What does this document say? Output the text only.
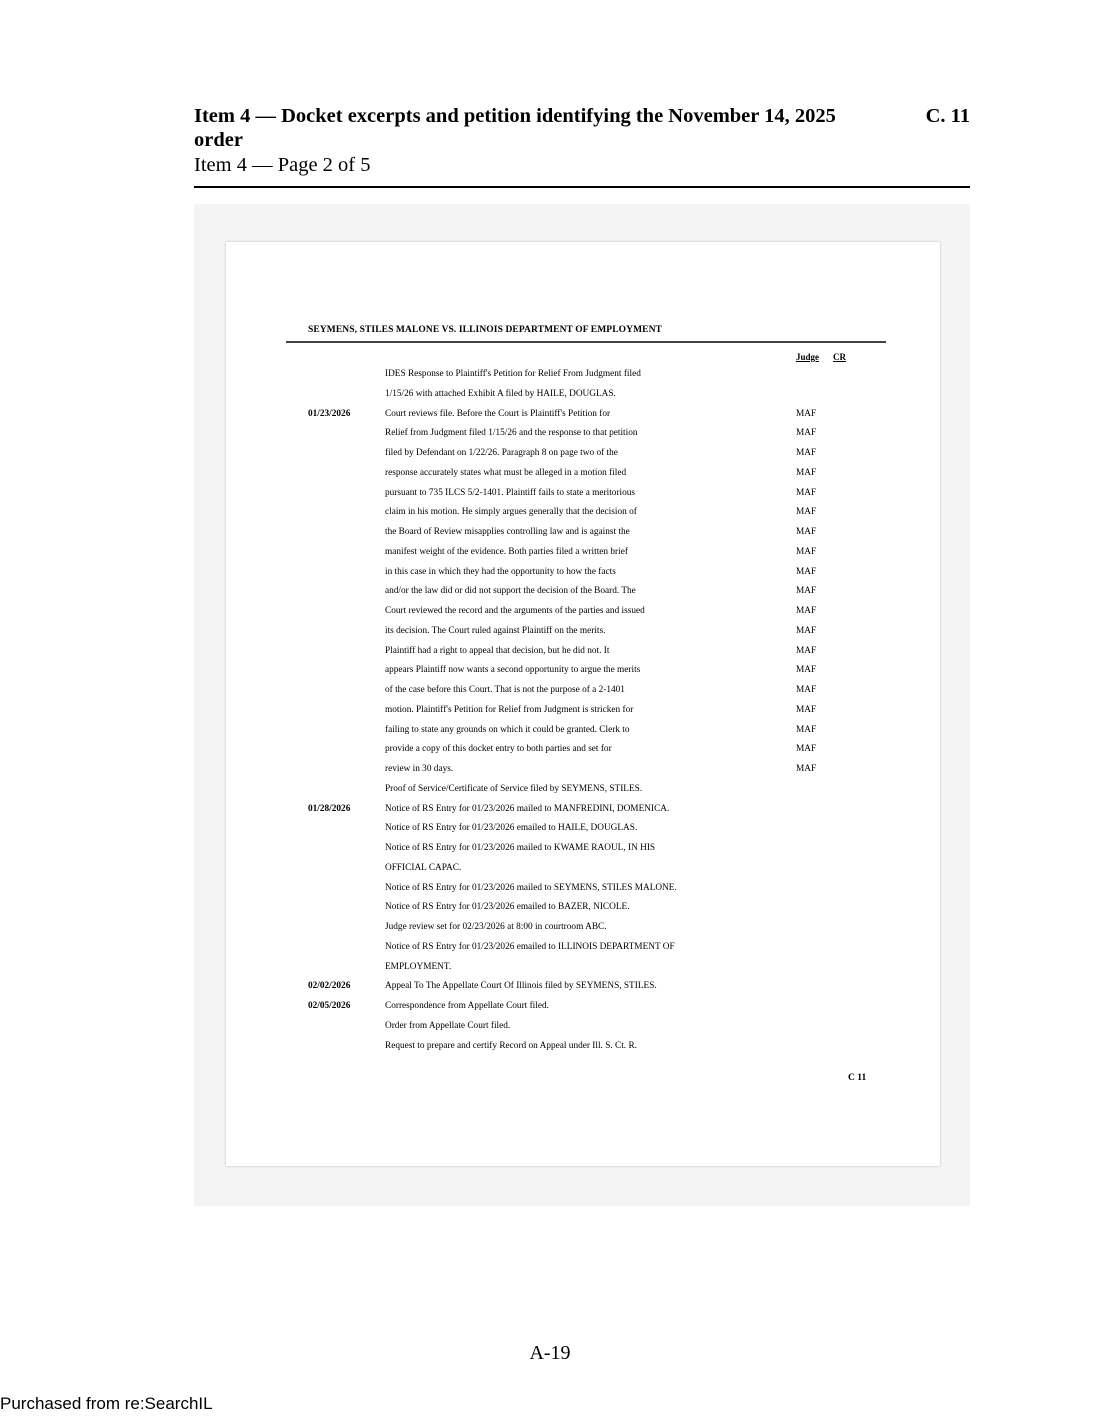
Item 4 — Docket excerpts and petition identifying the November 14, 2025 order
C. 11
Item 4 — Page 2 of 5
SEYMENS, STILES MALONE VS. ILLINOIS DEPARTMENT OF EMPLOYMENT
Judge CR
IDES Response to Plaintiff's Petition for Relief From Judgment filed
1/15/26 with attached Exhibit A filed by HAILE, DOUGLAS.
01/23/2026	Court reviews file. Before the Court is Plaintiff's Petition for	MAF
Relief from Judgment filed 1/15/26 and the response to that petition	MAF
filed by Defendant on 1/22/26. Paragraph 8 on page two of the	MAF
response accurately states what must be alleged in a motion filed	MAF
pursuant to 735 ILCS 5/2-1401. Plaintiff fails to state a meritorious	MAF
claim in his motion. He simply argues generally that the decision of	MAF
the Board of Review misapplies controlling law and is against the	MAF
manifest weight of the evidence. Both parties filed a written brief	MAF
in this case in which they had the opportunity to how the facts	MAF
and/or the law did or did not support the decision of the Board. The	MAF
Court reviewed the record and the arguments of the parties and issued	MAF
its decision. The Court ruled against Plaintiff on the merits.	MAF
Plaintiff had a right to appeal that decision, but he did not. It	MAF
appears Plaintiff now wants a second opportunity to argue the merits	MAF
of the case before this Court. That is not the purpose of a 2-1401	MAF
motion. Plaintiff's Petition for Relief from Judgment is stricken for	MAF
failing to state any grounds on which it could be granted. Clerk to	MAF
provide a copy of this docket entry to both parties and set for	MAF
review in 30 days.	MAF
Proof of Service/Certificate of Service filed by SEYMENS, STILES.
01/28/2026	Notice of RS Entry for 01/23/2026 mailed to MANFREDINI, DOMENICA.
Notice of RS Entry for 01/23/2026 emailed to HAILE, DOUGLAS.
Notice of RS Entry for 01/23/2026 mailed to KWAME RAOUL, IN HIS
OFFICIAL CAPAC.
Notice of RS Entry for 01/23/2026 mailed to SEYMENS, STILES MALONE.
Notice of RS Entry for 01/23/2026 emailed to BAZER, NICOLE.
Judge review set for 02/23/2026 at 8:00 in courtroom ABC.
Notice of RS Entry for 01/23/2026 emailed to ILLINOIS DEPARTMENT OF
EMPLOYMENT.
02/02/2026	Appeal To The Appellate Court Of Illinois filed by SEYMENS, STILES.
02/05/2026	Correspondence from Appellate Court filed.
Order from Appellate Court filed.
Request to prepare and certify Record on Appeal under Ill. S. Ct. R.
C 11
A-19
Purchased from re:SearchIL
